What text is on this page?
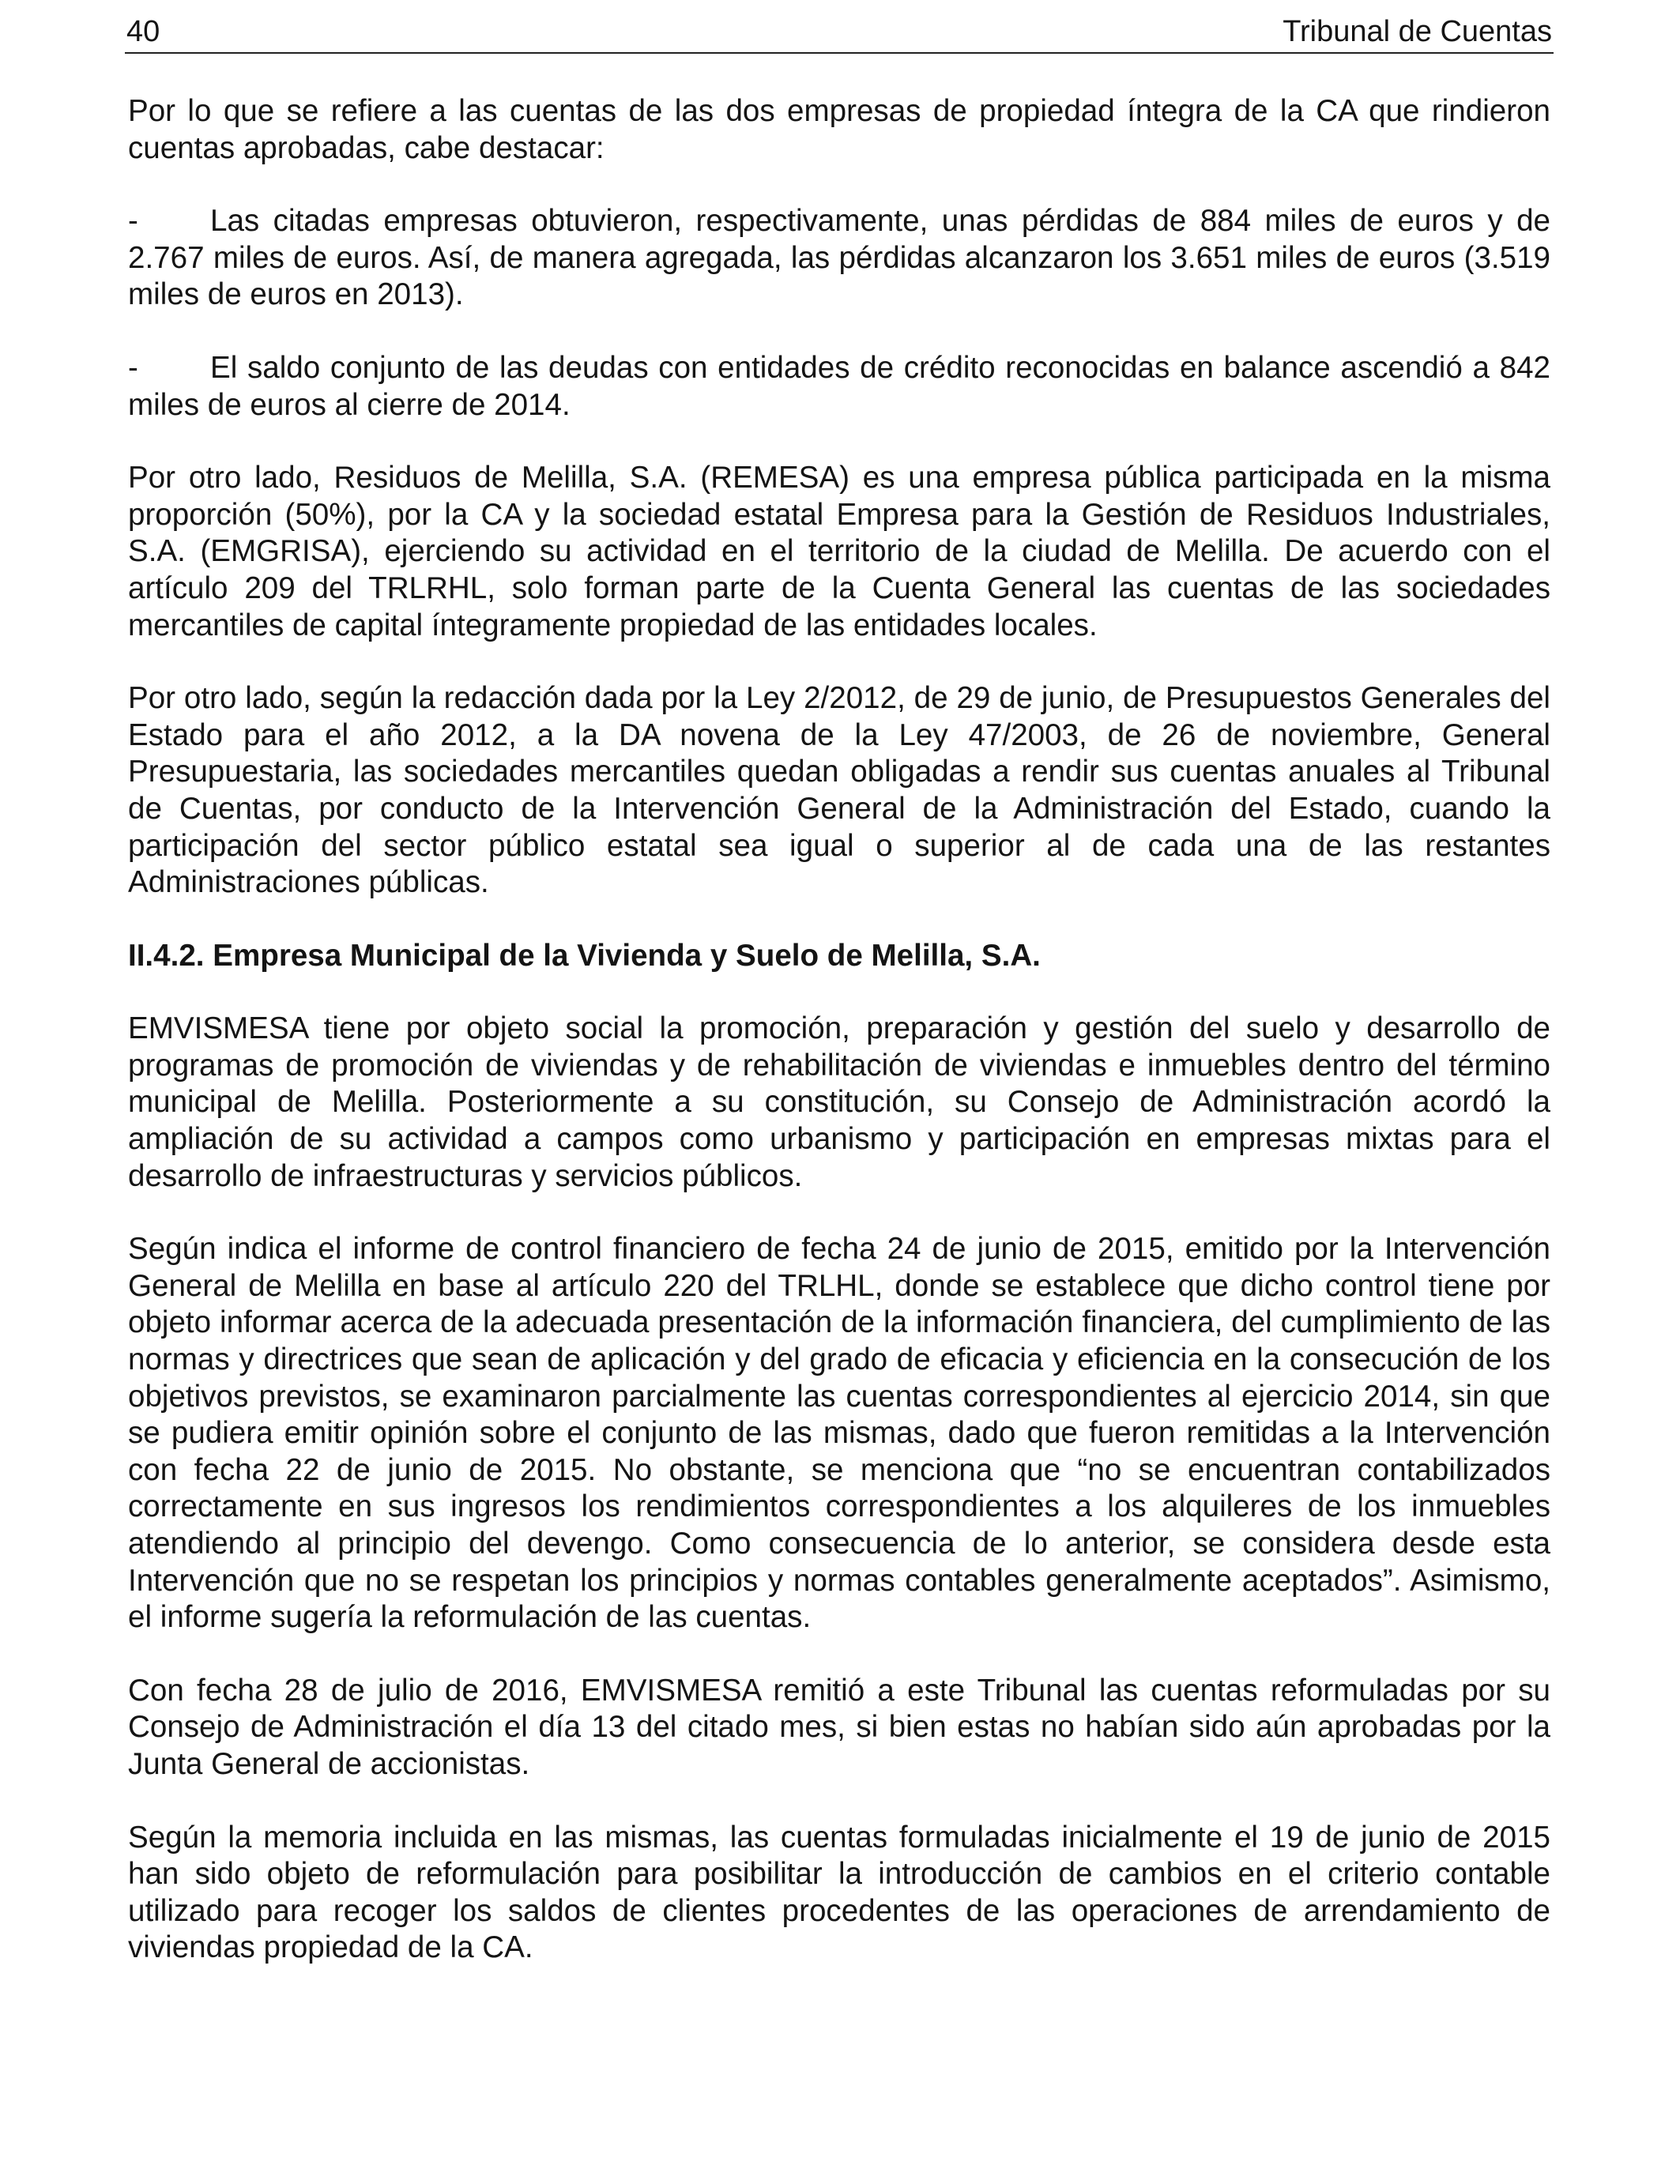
40	Tribunal de Cuentas

Por lo que se refiere a las cuentas de las dos empresas de propiedad íntegra de la CA que rindieron cuentas aprobadas, cabe destacar:

- Las citadas empresas obtuvieron, respectivamente, unas pérdidas de 884 miles de euros y de 2.767 miles de euros. Así, de manera agregada, las pérdidas alcanzaron los 3.651 miles de euros (3.519 miles de euros en 2013).
- El saldo conjunto de las deudas con entidades de crédito reconocidas en balance ascendió a 842 miles de euros al cierre de 2014.

Por otro lado, Residuos de Melilla, S.A. (REMESA) es una empresa pública participada en la misma proporción (50%), por la CA y la sociedad estatal Empresa para la Gestión de Residuos Industriales, S.A. (EMGRISA), ejerciendo su actividad en el territorio de la ciudad de Melilla. De acuerdo con el artículo 209 del TRLRHL, solo forman parte de la Cuenta General las cuentas de las sociedades mercantiles de capital íntegramente propiedad de las entidades locales.

Por otro lado, según la redacción dada por la Ley 2/2012, de 29 de junio, de Presupuestos Generales del Estado para el año 2012, a la DA novena de la Ley 47/2003, de 26 de noviembre, General Presupuestaria, las sociedades mercantiles quedan obligadas a rendir sus cuentas anuales al Tribunal de Cuentas, por conducto de la Intervención General de la Administración del Estado, cuando la participación del sector público estatal sea igual o superior al de cada una de las restantes Administraciones públicas.

II.4.2. Empresa Municipal de la Vivienda y Suelo de Melilla, S.A.

EMVISMESA tiene por objeto social la promoción, preparación y gestión del suelo y desarrollo de programas de promoción de viviendas y de rehabilitación de viviendas e inmuebles dentro del término municipal de Melilla. Posteriormente a su constitución, su Consejo de Administración acordó la ampliación de su actividad a campos como urbanismo y participación en empresas mixtas para el desarrollo de infraestructuras y servicios públicos.

Según indica el informe de control financiero de fecha 24 de junio de 2015, emitido por la Intervención General de Melilla en base al artículo 220 del TRLHL, donde se establece que dicho control tiene por objeto informar acerca de la adecuada presentación de la información financiera, del cumplimiento de las normas y directrices que sean de aplicación y del grado de eficacia y eficiencia en la consecución de los objetivos previstos, se examinaron parcialmente las cuentas correspondientes al ejercicio 2014, sin que se pudiera emitir opinión sobre el conjunto de las mismas, dado que fueron remitidas a la Intervención con fecha 22 de junio de 2015. No obstante, se menciona que “no se encuentran contabilizados correctamente en sus ingresos los rendimientos correspondientes a los alquileres de los inmuebles atendiendo al principio del devengo. Como consecuencia de lo anterior, se considera desde esta Intervención que no se respetan los principios y normas contables generalmente aceptados”. Asimismo, el informe sugería la reformulación de las cuentas.

Con fecha 28 de julio de 2016, EMVISMESA remitió a este Tribunal las cuentas reformuladas por su Consejo de Administración el día 13 del citado mes, si bien estas no habían sido aún aprobadas por la Junta General de accionistas.

Según la memoria incluida en las mismas, las cuentas formuladas inicialmente el 19 de junio de 2015 han sido objeto de reformulación para posibilitar la introducción de cambios en el criterio contable utilizado para recoger los saldos de clientes procedentes de las operaciones de arrendamiento de viviendas propiedad de la CA.
